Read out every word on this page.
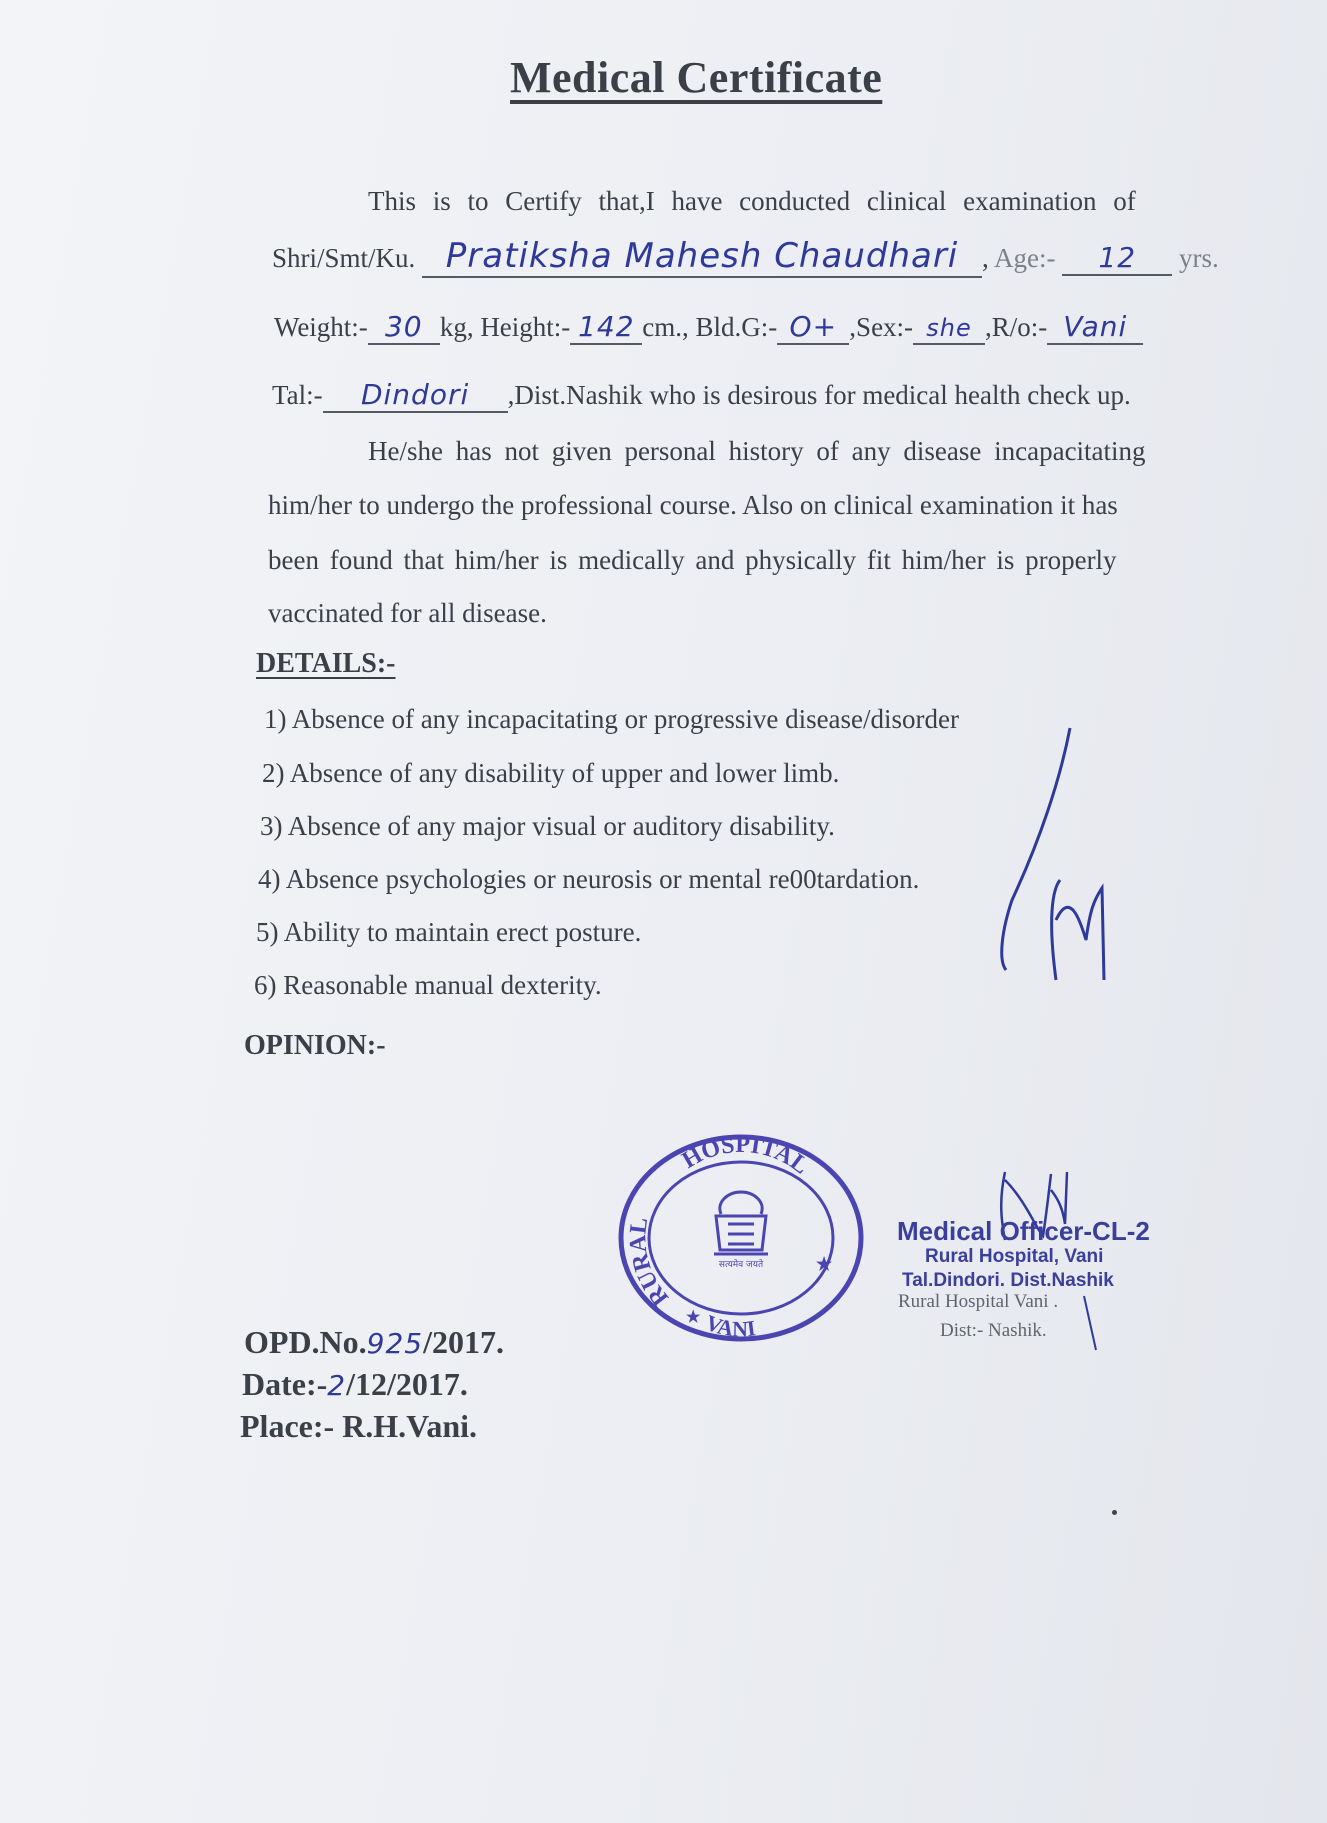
Medical Certificate
This is to Certify that,I have conducted clinical examination of
Shri/Smt/Ku. Pratiksha Mahesh Chaudhari , Age:- 12 yrs.
Weight:- 30 kg, Height:- 142 cm., Bld.G:- O+ ,Sex:- she ,R/o:- Vani
Tal:- Dindori ,Dist.Nashik who is desirous for medical health check up.
He/she has not given personal history of any disease incapacitating
him/her to undergo the professional course. Also on clinical examination it has
been found that him/her is medically and physically fit him/her is properly
vaccinated for all disease.
DETAILS:-
1) Absence of any incapacitating or progressive disease/disorder
2) Absence of any disability of upper and lower limb.
3) Absence of any major visual or auditory disability.
4) Absence psychologies or neurosis or mental re00tardation.
5) Ability to maintain erect posture.
6) Reasonable manual dexterity.
OPINION:-
HOSPITAL
RURAL
VANI
★
★
सत्यमेव जयते
Medical Officer-CL-2
Rural Hospital, Vani
Tal.Dindori. Dist.Nashik
Rural Hospital Vani .
Dist:- Nashik.
OPD.No.925/2017.
Date:-2/12/2017.
Place:- R.H.Vani.
